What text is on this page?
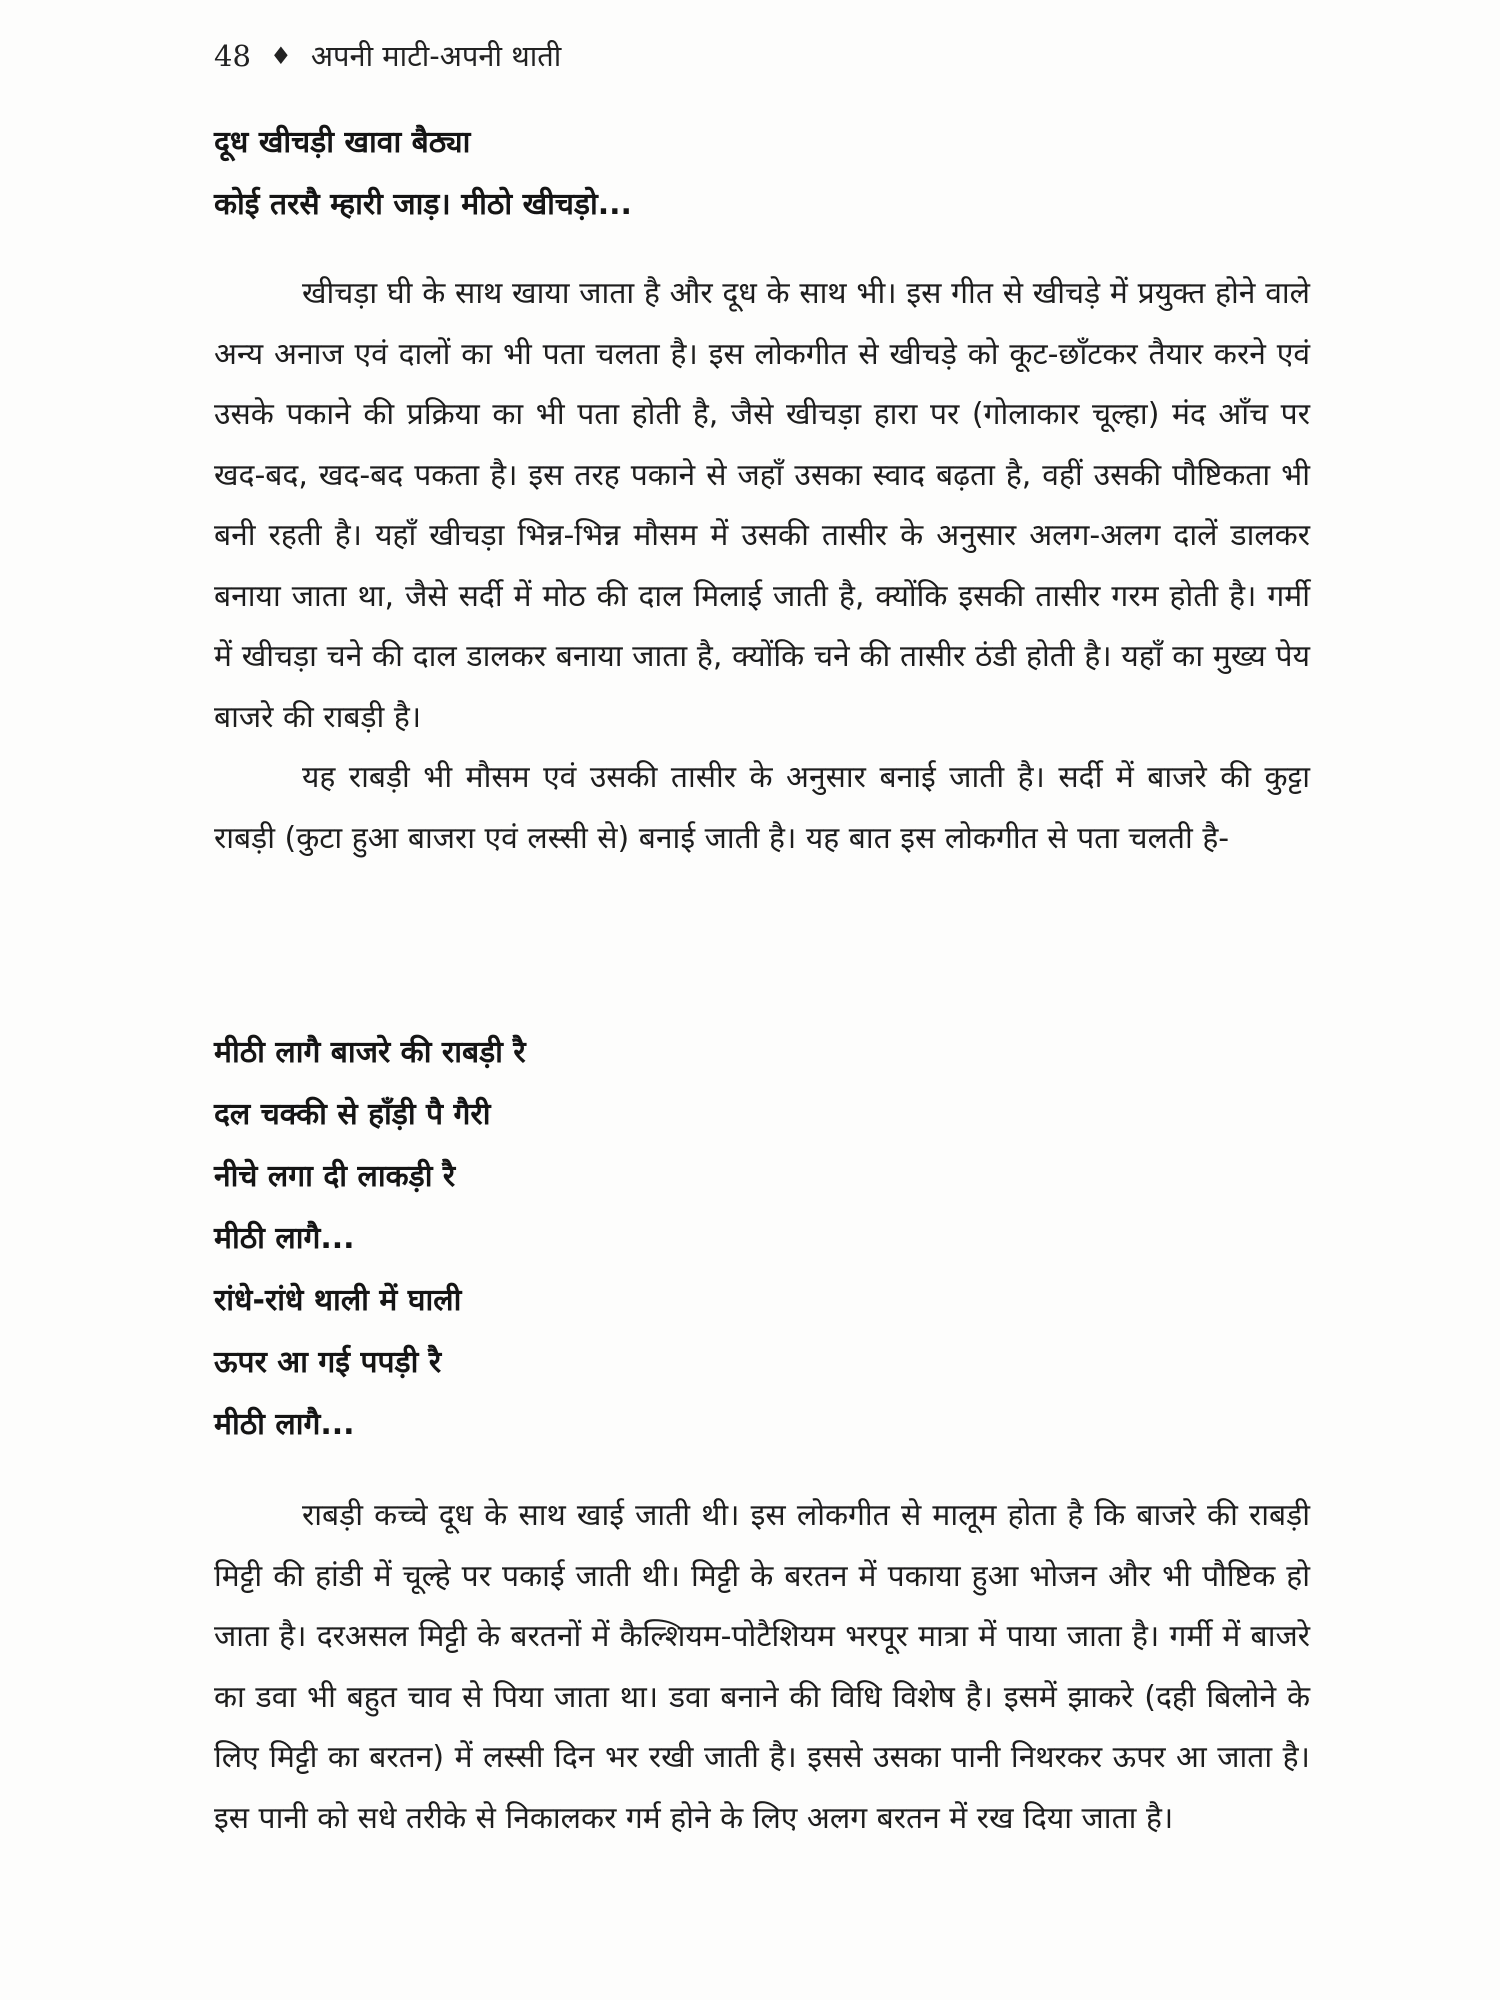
48 ♦ अपनी माटी-अपनी थाती
दूध खीचड़ी खावा बैठ्या
कोई तरसै म्हारी जाड़। मीठो खीचड़ो...

खीचड़ा घी के साथ खाया जाता है और दूध के साथ भी। इस गीत से खीचड़े में प्रयुक्त होने वाले अन्य अनाज एवं दालों का भी पता चलता है। इस लोकगीत से खीचड़े को कूट-छाँटकर तैयार करने एवं उसके पकाने की प्रक्रिया का भी पता होती है, जैसे खीचड़ा हारा पर (गोलाकार चूल्हा) मंद आँच पर खद-बद, खद-बद पकता है। इस तरह पकाने से जहाँ उसका स्वाद बढ़ता है, वहीं उसकी पौष्टिकता भी बनी रहती है। यहाँ खीचड़ा भिन्न-भिन्न मौसम में उसकी तासीर के अनुसार अलग-अलग दालें डालकर बनाया जाता था, जैसे सर्दी में मोठ की दाल मिलाई जाती है, क्योंकि इसकी तासीर गरम होती है। गर्मी में खीचड़ा चने की दाल डालकर बनाया जाता है, क्योंकि चने की तासीर ठंडी होती है। यहाँ का मुख्य पेय बाजरे की राबड़ी है।

यह राबड़ी भी मौसम एवं उसकी तासीर के अनुसार बनाई जाती है। सर्दी में बाजरे की कुट्टा राबड़ी (कुटा हुआ बाजरा एवं लस्सी से) बनाई जाती है। यह बात इस लोकगीत से पता चलती है-

मीठी लागै बाजरे की राबड़ी रै
दल चक्की से हाँड़ी पै गैरी
नीचे लगा दी लाकड़ी रै
मीठी लागै...
रांधे-रांधे थाली में घाली
ऊपर आ गई पपड़ी रै
मीठी लागै...

राबड़ी कच्चे दूध के साथ खाई जाती थी। इस लोकगीत से मालूम होता है कि बाजरे की राबड़ी मिट्टी की हांडी में चूल्हे पर पकाई जाती थी। मिट्टी के बरतन में पकाया हुआ भोजन और भी पौष्टिक हो जाता है। दरअसल मिट्टी के बरतनों में कैल्शियम-पोटैशियम भरपूर मात्रा में पाया जाता है। गर्मी में बाजरे का डवा भी बहुत चाव से पिया जाता था। डवा बनाने की विधि विशेष है। इसमें झाकरे (दही बिलोने के लिए मिट्टी का बरतन) में लस्सी दिन भर रखी जाती है। इससे उसका पानी निथरकर ऊपर आ जाता है। इस पानी को सधे तरीके से निकालकर गर्म होने के लिए अलग बरतन में रख दिया जाता है।
